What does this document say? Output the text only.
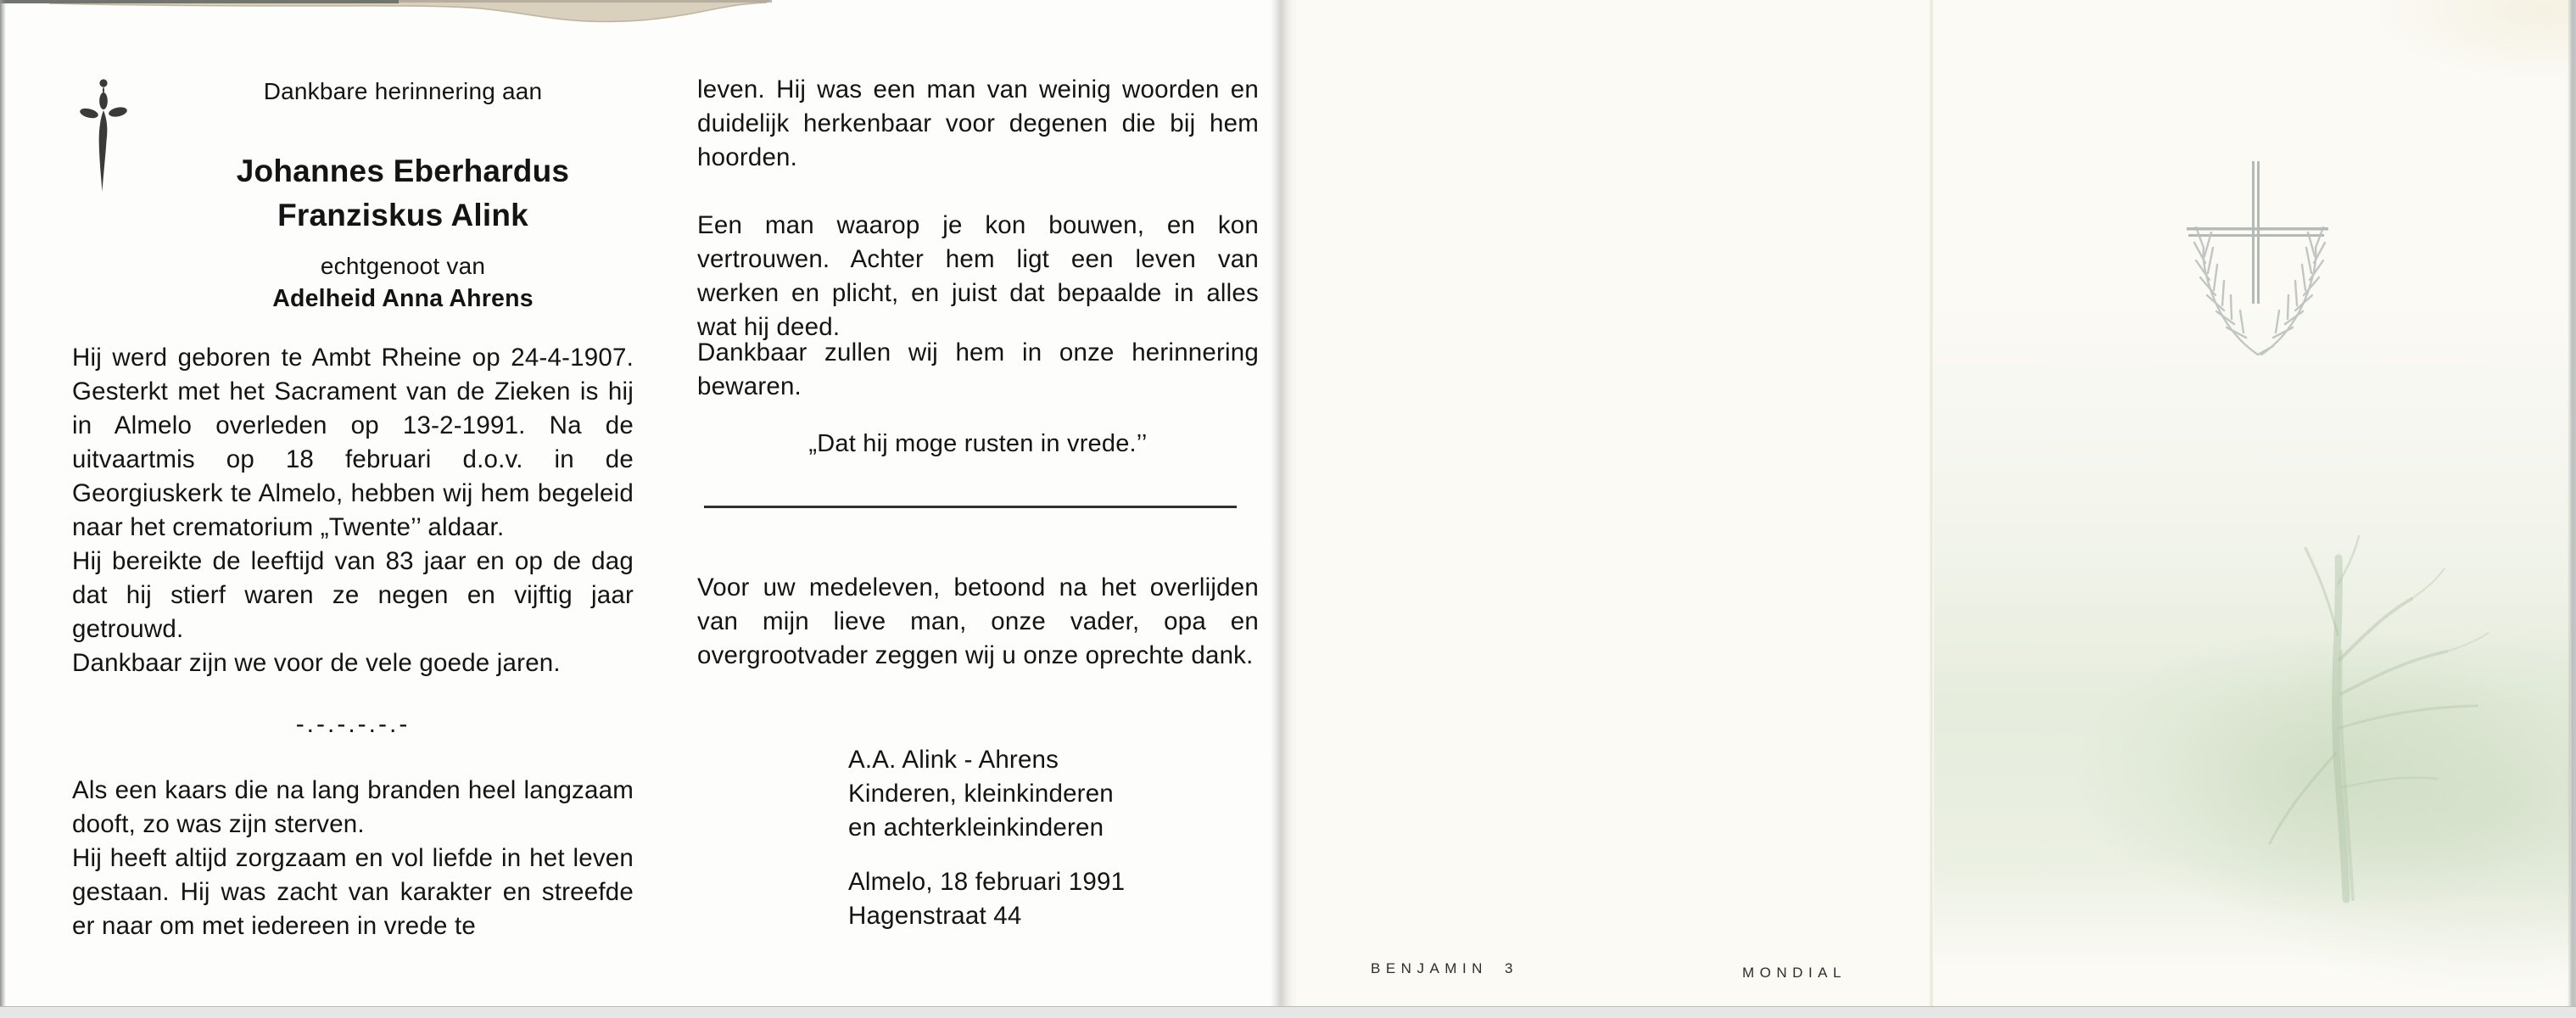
Dankbare herinnering aan
Johannes Eberhardus
Franziskus Alink
echtgenoot van
Adelheid Anna Ahrens
Hij werd geboren te Ambt Rheine op 24-4-1907. Gesterkt met het Sacrament van de Zieken is hij in Almelo overleden op 13-2-1991. Na de uitvaartmis op 18 februari d.o.v. in de Georgiuskerk te Almelo, hebben wij hem begeleid naar het crematorium „Twente’’ aldaar.
Hij bereikte de leeftijd van 83 jaar en op de dag dat hij stierf waren ze negen en vijftig jaar getrouwd.
Dankbaar zijn we voor de vele goede jaren.
-.-.-.-.-.-
Als een kaars die na lang branden heel langzaam dooft, zo was zijn sterven.
Hij heeft altijd zorgzaam en vol liefde in het leven gestaan. Hij was zacht van karakter en streefde er naar om met iedereen in vrede te
leven. Hij was een man van weinig woorden en duidelijk herkenbaar voor degenen die bij hem hoorden.
Een man waarop je kon bouwen, en kon vertrouwen. Achter hem ligt een leven van werken en plicht, en juist dat bepaalde in alles wat hij deed.
Dankbaar zullen wij hem in onze herinnering bewaren.
„Dat hij moge rusten in vrede.’’
Voor uw medeleven, betoond na het overlijden van mijn lieve man, onze vader, opa en overgrootvader zeggen wij u onze oprechte dank.
A.A. Alink - Ahrens
Kinderen, kleinkinderen
en achterkleinkinderen
Almelo, 18 februari 1991
Hagenstraat 44
BENJAMIN 3	MONDIAL
